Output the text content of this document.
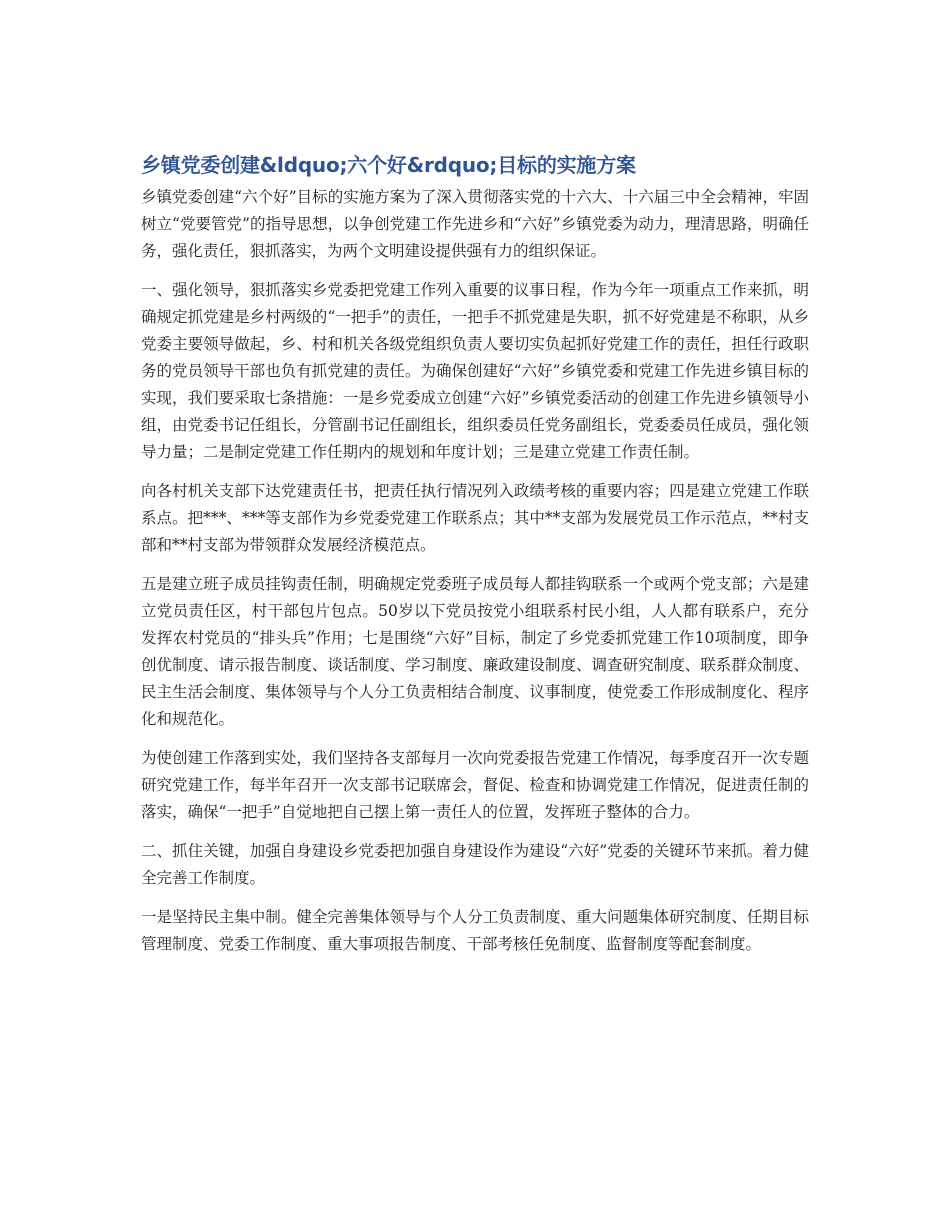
乡镇党委创建&ldquo;六个好&rdquo;目标的实施方案

乡镇党委创建“六个好”目标的实施方案为了深入贯彻落实党的十六大、十六届三中全会精神，牢固树立“党要管党”的指导思想，以争创党建工作先进乡和“六好”乡镇党委为动力，理清思路，明确任务，强化责任，狠抓落实，为两个文明建设提供强有力的组织保证。

一、强化领导，狠抓落实乡党委把党建工作列入重要的议事日程，作为今年一项重点工作来抓，明确规定抓党建是乡村两级的“一把手”的责任，一把手不抓党建是失职，抓不好党建是不称职，从乡党委主要领导做起，乡、村和机关各级党组织负责人要切实负起抓好党建工作的责任，担任行政职务的党员领导干部也负有抓党建的责任。为确保创建好“六好”乡镇党委和党建工作先进乡镇目标的实现，我们要采取七条措施：一是乡党委成立创建“六好”乡镇党委活动的创建工作先进乡镇领导小组，由党委书记任组长，分管副书记任副组长，组织委员任党务副组长，党委委员任成员，强化领导力量；二是制定党建工作任期内的规划和年度计划；三是建立党建工作责任制。

向各村机关支部下达党建责任书，把责任执行情况列入政绩考核的重要内容；四是建立党建工作联系点。把***、***等支部作为乡党委党建工作联系点；其中**支部为发展党员工作示范点，**村支部和**村支部为带领群众发展经济模范点。

五是建立班子成员挂钩责任制，明确规定党委班子成员每人都挂钩联系一个或两个党支部；六是建立党员责任区，村干部包片包点。50岁以下党员按党小组联系村民小组，人人都有联系户，充分发挥农村党员的“排头兵”作用；七是围绕“六好”目标，制定了乡党委抓党建工作10项制度，即争创优制度、请示报告制度、谈话制度、学习制度、廉政建设制度、调查研究制度、联系群众制度、民主生活会制度、集体领导与个人分工负责相结合制度、议事制度，使党委工作形成制度化、程序化和规范化。

为使创建工作落到实处，我们坚持各支部每月一次向党委报告党建工作情况，每季度召开一次专题研究党建工作，每半年召开一次支部书记联席会，督促、检查和协调党建工作情况，促进责任制的落实，确保“一把手”自觉地把自己摆上第一责任人的位置，发挥班子整体的合力。

二、抓住关键，加强自身建设乡党委把加强自身建设作为建设“六好”党委的关键环节来抓。着力健全完善工作制度。

一是坚持民主集中制。健全完善集体领导与个人分工负责制度、重大问题集体研究制度、任期目标管理制度、党委工作制度、重大事项报告制度、干部考核任免制度、监督制度等配套制度。
